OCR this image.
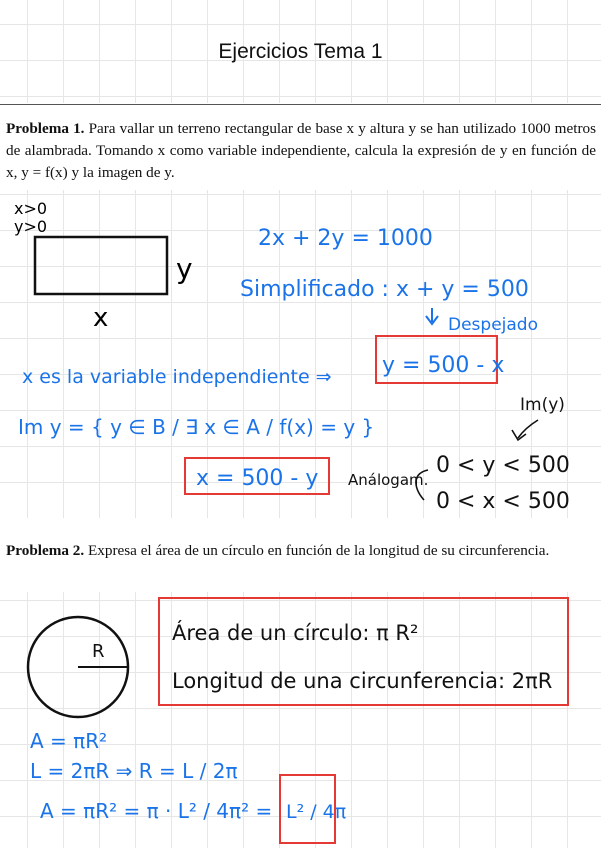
Ejercicios Tema 1
Problema 1. Para vallar un terreno rectangular de base x y altura y se han utilizado 1000 metros de alambrada. Tomando x como variable independiente, calcula la expresión de y en función de x, y = f(x) y la imagen de y.
Problema 2. Expresa el área de un círculo en función de la longitud de su circunferencia.
x>0
y>0
y
x
2x + 2y = 1000
Simplificado : x + y = 500
Despejado
x es la variable independiente ⇒ y = 500 - x
Im y = { y ∈ B / ∃ x ∈ A / f(x) = y }
Im(y)
x = 500 - y Análogam.
0 < y < 500
0 < x < 500
R
Área de un círculo: π R²
Longitud de una circunferencia: 2πR
A = πR²
L = 2πR ⇒ R = L / 2π
A = πR² = π · L² / 4π² = L² / 4π
